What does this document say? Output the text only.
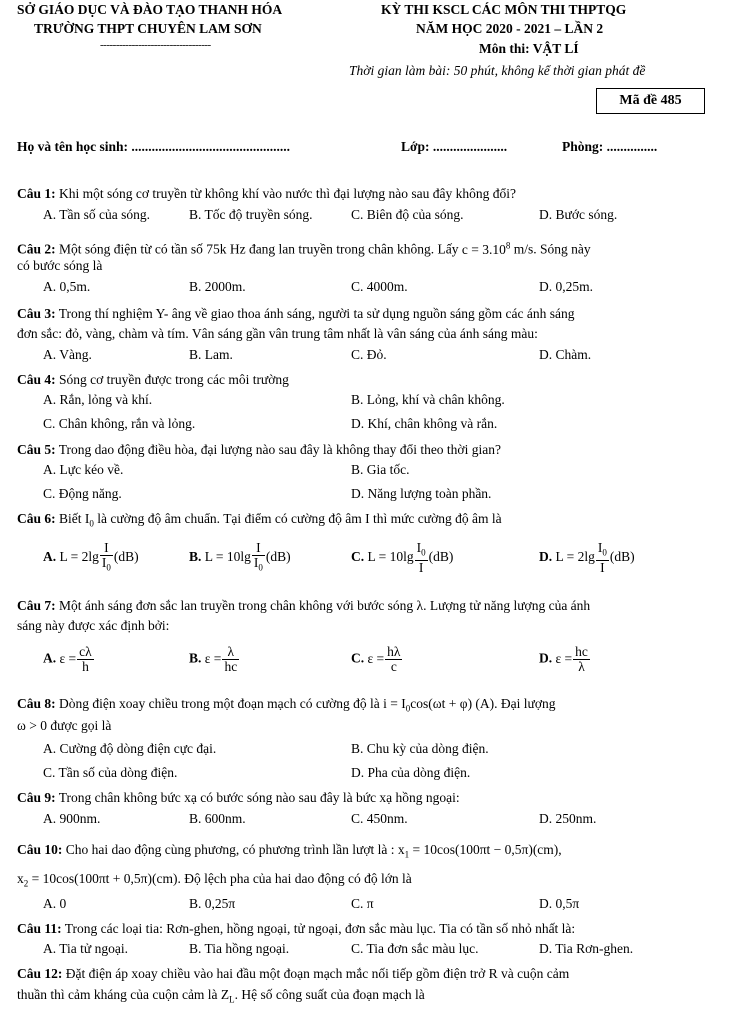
SỞ GIÁO DỤC VÀ ĐÀO TẠO THANH HÓA
TRƯỜNG THPT CHUYÊN LAM SƠN
-----------------------------------
KỲ THI KSCL CÁC MÔN THI THPTQG
NĂM HỌC 2020 - 2021 – LẦN 2
Môn thi: VẬT LÍ
Thời gian làm bài: 50 phút, không kể thời gian phát đề
Mã đề 485
Họ và tên học sinh: ...............................................	Lớp: ......................	Phòng: ...............
Câu 1: Khi một sóng cơ truyền từ không khí vào nước thì đại lượng nào sau đây không đổi?
A. Tần số của sóng.	B. Tốc độ truyền sóng.	C. Biên độ của sóng.	D. Bước sóng.
Câu 2: Một sóng điện từ có tần số 75k Hz đang lan truyền trong chân không. Lấy $c = 3.10^8$ m/s. Sóng này
có bước sóng là
A. 0,5m.	B. 2000m.	C. 4000m.	D. 0,25m.
Câu 3: Trong thí nghiệm Y- âng về giao thoa ánh sáng, người ta sử dụng nguồn sáng gồm các ánh sáng
đơn sắc: đỏ, vàng, chàm và tím. Vân sáng gần vân trung tâm nhất là vân sáng của ánh sáng màu:
A. Vàng.	B. Lam.	C. Đỏ.	D. Chàm.
Câu 4: Sóng cơ truyền được trong các môi trường
A. Rắn, lỏng và khí.	B. Lỏng, khí và chân không.
C. Chân không, rắn và lỏng.	D. Khí, chân không và rắn.
Câu 5: Trong dao động điều hòa, đại lượng nào sau đây là không thay đổi theo thời gian?
A. Lực kéo về.	B. Gia tốc.
C. Động năng.	D. Năng lượng toàn phần.
Câu 6: Biết $I_0$ là cường độ âm chuẩn. Tại điểm có cường độ âm I thì mức cường độ âm là
A. $L = 2\lg \frac{I}{I_0} (dB)$	B. $L = 10\lg \frac{I}{I_0} (dB)$	C. $L = 10\lg \frac{I_0}{I} (dB)$	D. $L = 2\lg \frac{I_0}{I} (dB)$
Câu 7: Một ánh sáng đơn sắc lan truyền trong chân không với bước sóng λ. Lượng tử năng lượng của ánh
sáng này được xác định bởi:
A. $\varepsilon = \frac{c\lambda}{h}$	B. $\varepsilon = \frac{\lambda}{hc}$	C. $\varepsilon = \frac{h\lambda}{c}$	D. $\varepsilon = \frac{hc}{\lambda}$
Câu 8: Dòng điện xoay chiều trong một đoạn mạch có cường độ là $i = I_0\cos(\omega t + \varphi)$ (A). Đại lượng
ω > 0 được gọi là
A. Cường độ dòng điện cực đại.	B. Chu kỳ của dòng điện.
C. Tần số của dòng điện.	D. Pha của dòng điện.
Câu 9: Trong chân không bức xạ có bước sóng nào sau đây là bức xạ hồng ngoại:
A. 900nm.	B. 600nm.	C. 450nm.	D. 250nm.
Câu 10: Cho hai dao động cùng phương, có phương trình lần lượt là : $x_1 = 10\cos(100\pi t - 0,5\pi)(cm)$,
$x_2 = 10\cos(100\pi t + 0,5\pi)(cm)$. Độ lệch pha của hai dao động có độ lớn là
A. 0	B. 0,25π	C. π	D. 0,5π
Câu 11: Trong các loại tia: Rơn-ghen, hồng ngoại, tử ngoại, đơn sắc màu lục. Tia có tần số nhỏ nhất là:
A. Tia tử ngoại.	B. Tia hồng ngoại.	C. Tia đơn sắc màu lục.	D. Tia Rơn-ghen.
Câu 12: Đặt điện áp xoay chiều vào hai đầu một đoạn mạch mắc nối tiếp gồm điện trở R và cuộn cảm
thuần thì cảm kháng của cuộn cảm là $Z_L$. Hệ số công suất của đoạn mạch là
